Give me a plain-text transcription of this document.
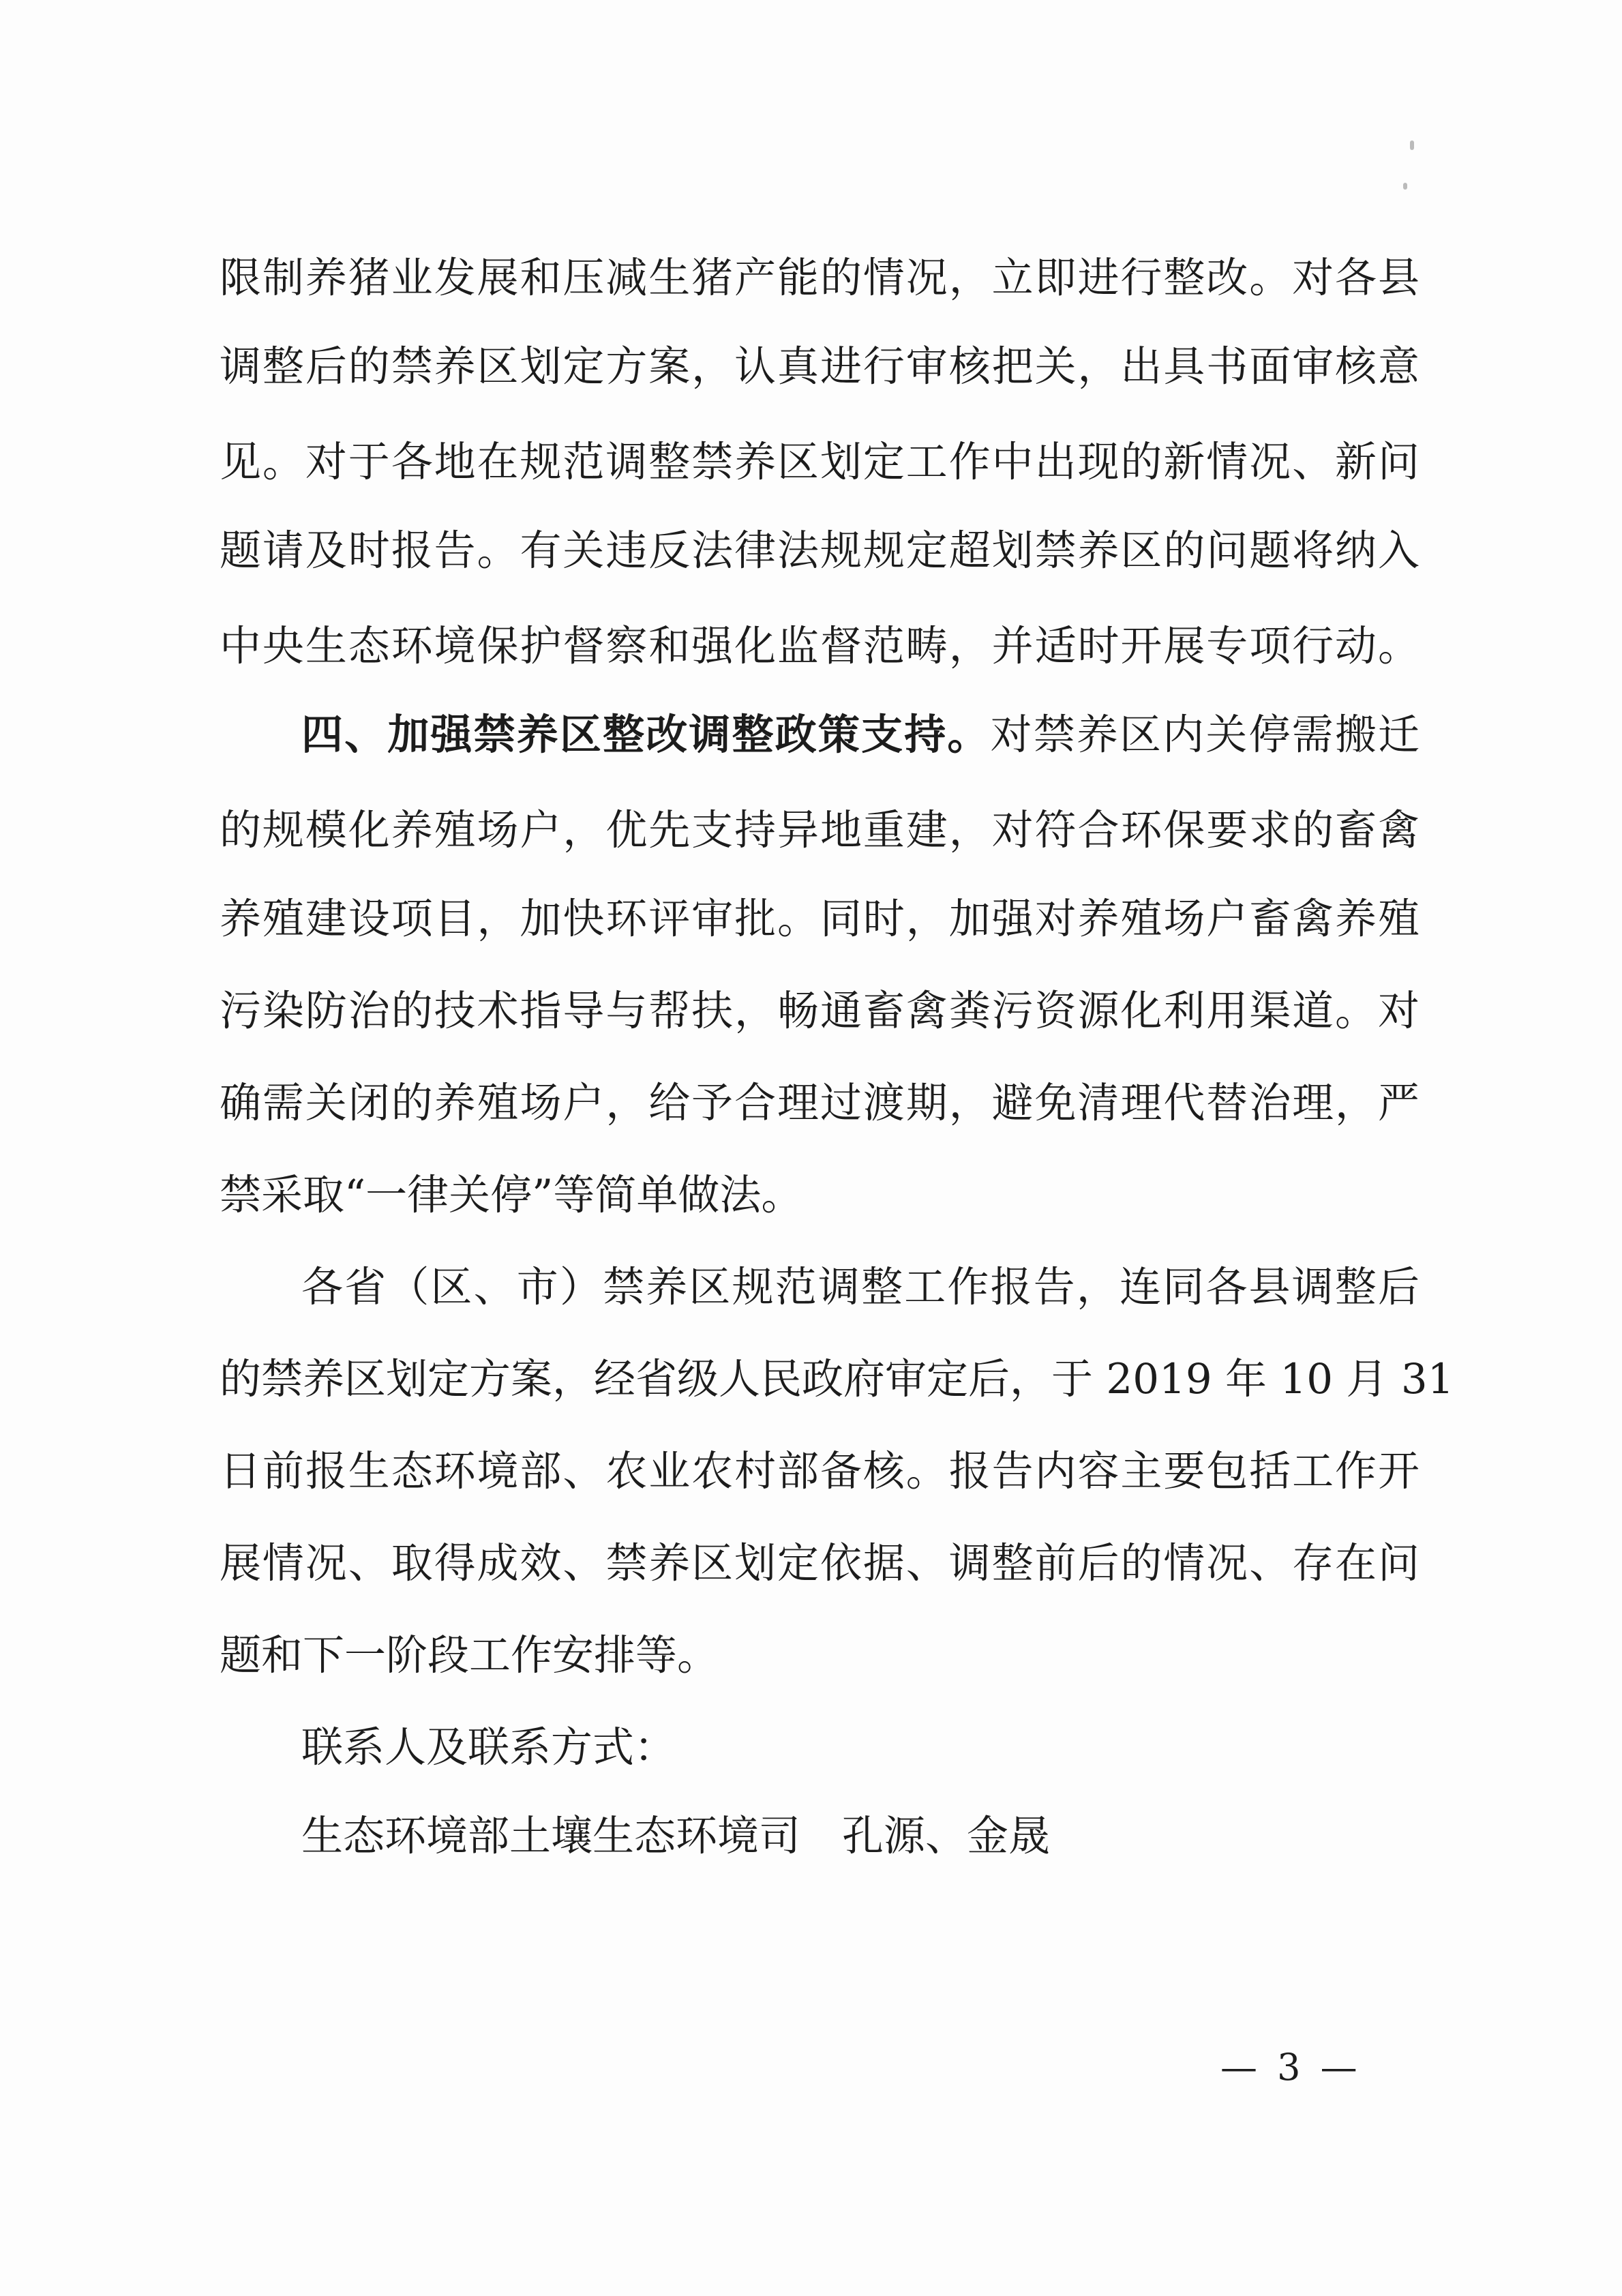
限制养猪业发展和压减生猪产能的情况，立即进行整改。对各县
调整后的禁养区划定方案，认真进行审核把关，出具书面审核意
见。对于各地在规范调整禁养区划定工作中出现的新情况、新问
题请及时报告。有关违反法律法规规定超划禁养区的问题将纳入
中央生态环境保护督察和强化监督范畴，并适时开展专项行动。
四、加强禁养区整改调整政策支持。对禁养区内关停需搬迁
的规模化养殖场户，优先支持异地重建，对符合环保要求的畜禽
养殖建设项目，加快环评审批。同时，加强对养殖场户畜禽养殖
污染防治的技术指导与帮扶，畅通畜禽粪污资源化利用渠道。对
确需关闭的养殖场户，给予合理过渡期，避免清理代替治理，严
禁采取“一律关停”等简单做法。
各省（区、市）禁养区规范调整工作报告，连同各县调整后
的禁养区划定方案，经省级人民政府审定后，于 2019 年 10 月 31
日前报生态环境部、农业农村部备核。报告内容主要包括工作开
展情况、取得成效、禁养区划定依据、调整前后的情况、存在问
题和下一阶段工作安排等。
联系人及联系方式：
生态环境部土壤生态环境司　孔源、金晟
— 3 —
